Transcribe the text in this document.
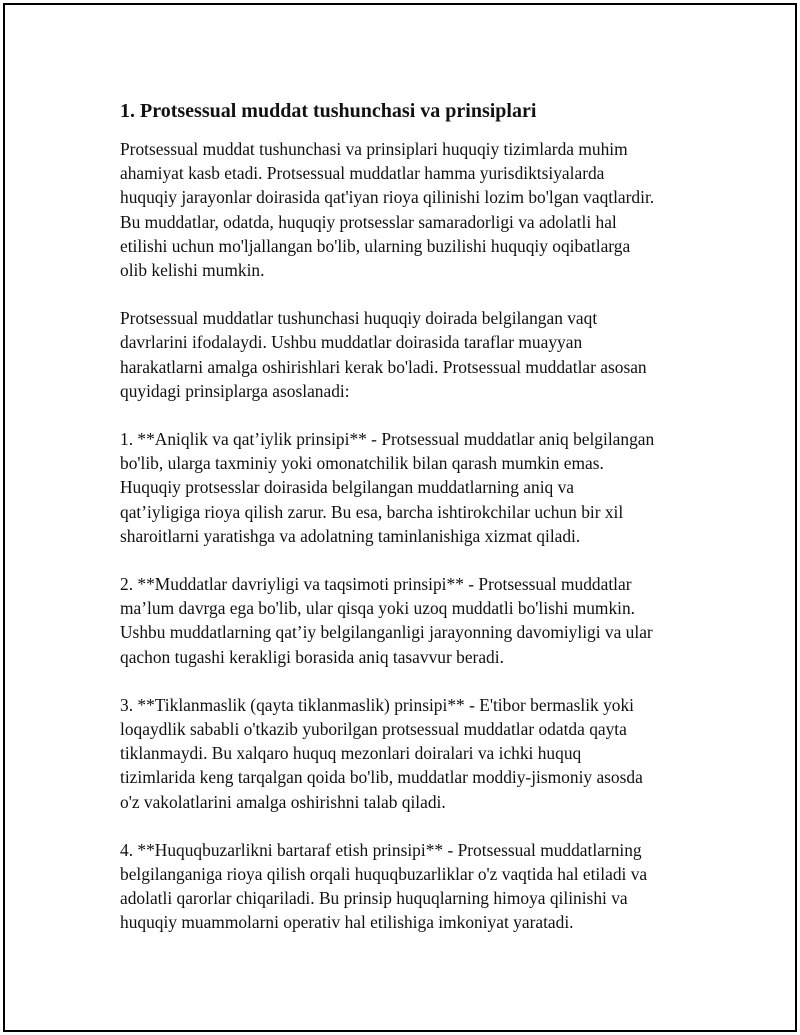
1. Protsessual muddat tushunchasi va prinsiplari
Protsessual muddat tushunchasi va prinsiplari huquqiy tizimlarda muhim
ahamiyat kasb etadi. Protsessual muddatlar hamma yurisdiktsiyalarda
huquqiy jarayonlar doirasida qat'iyan rioya qilinishi lozim bo'lgan vaqtlardir.
Bu muddatlar, odatda, huquqiy protsesslar samaradorligi va adolatli hal
etilishi uchun mo'ljallangan bo'lib, ularning buzilishi huquqiy oqibatlarga
olib kelishi mumkin.
Protsessual muddatlar tushunchasi huquqiy doirada belgilangan vaqt
davrlarini ifodalaydi. Ushbu muddatlar doirasida taraflar muayyan
harakatlarni amalga oshirishlari kerak bo'ladi. Protsessual muddatlar asosan
quyidagi prinsiplarga asoslanadi:
1. **Aniqlik va qat’iylik prinsipi** - Protsessual muddatlar aniq belgilangan
bo'lib, ularga taxminiy yoki omonatchilik bilan qarash mumkin emas.
Huquqiy protsesslar doirasida belgilangan muddatlarning aniq va
qat’iyligiga rioya qilish zarur. Bu esa, barcha ishtirokchilar uchun bir xil
sharoitlarni yaratishga va adolatning taminlanishiga xizmat qiladi.
2. **Muddatlar davriyligi va taqsimoti prinsipi** - Protsessual muddatlar
ma’lum davrga ega bo'lib, ular qisqa yoki uzoq muddatli bo'lishi mumkin.
Ushbu muddatlarning qat’iy belgilanganligi jarayonning davomiyligi va ular
qachon tugashi kerakligi borasida aniq tasavvur beradi.
3. **Tiklanmaslik (qayta tiklanmaslik) prinsipi** - E'tibor bermaslik yoki
loqaydlik sababli o'tkazib yuborilgan protsessual muddatlar odatda qayta
tiklanmaydi. Bu xalqaro huquq mezonlari doiralari va ichki huquq
tizimlarida keng tarqalgan qoida bo'lib, muddatlar moddiy-jismoniy asosda
o'z vakolatlarini amalga oshirishni talab qiladi.
4. **Huquqbuzarlikni bartaraf etish prinsipi** - Protsessual muddatlarning
belgilanganiga rioya qilish orqali huquqbuzarliklar o'z vaqtida hal etiladi va
adolatli qarorlar chiqariladi. Bu prinsip huquqlarning himoya qilinishi va
huquqiy muammolarni operativ hal etilishiga imkoniyat yaratadi.
